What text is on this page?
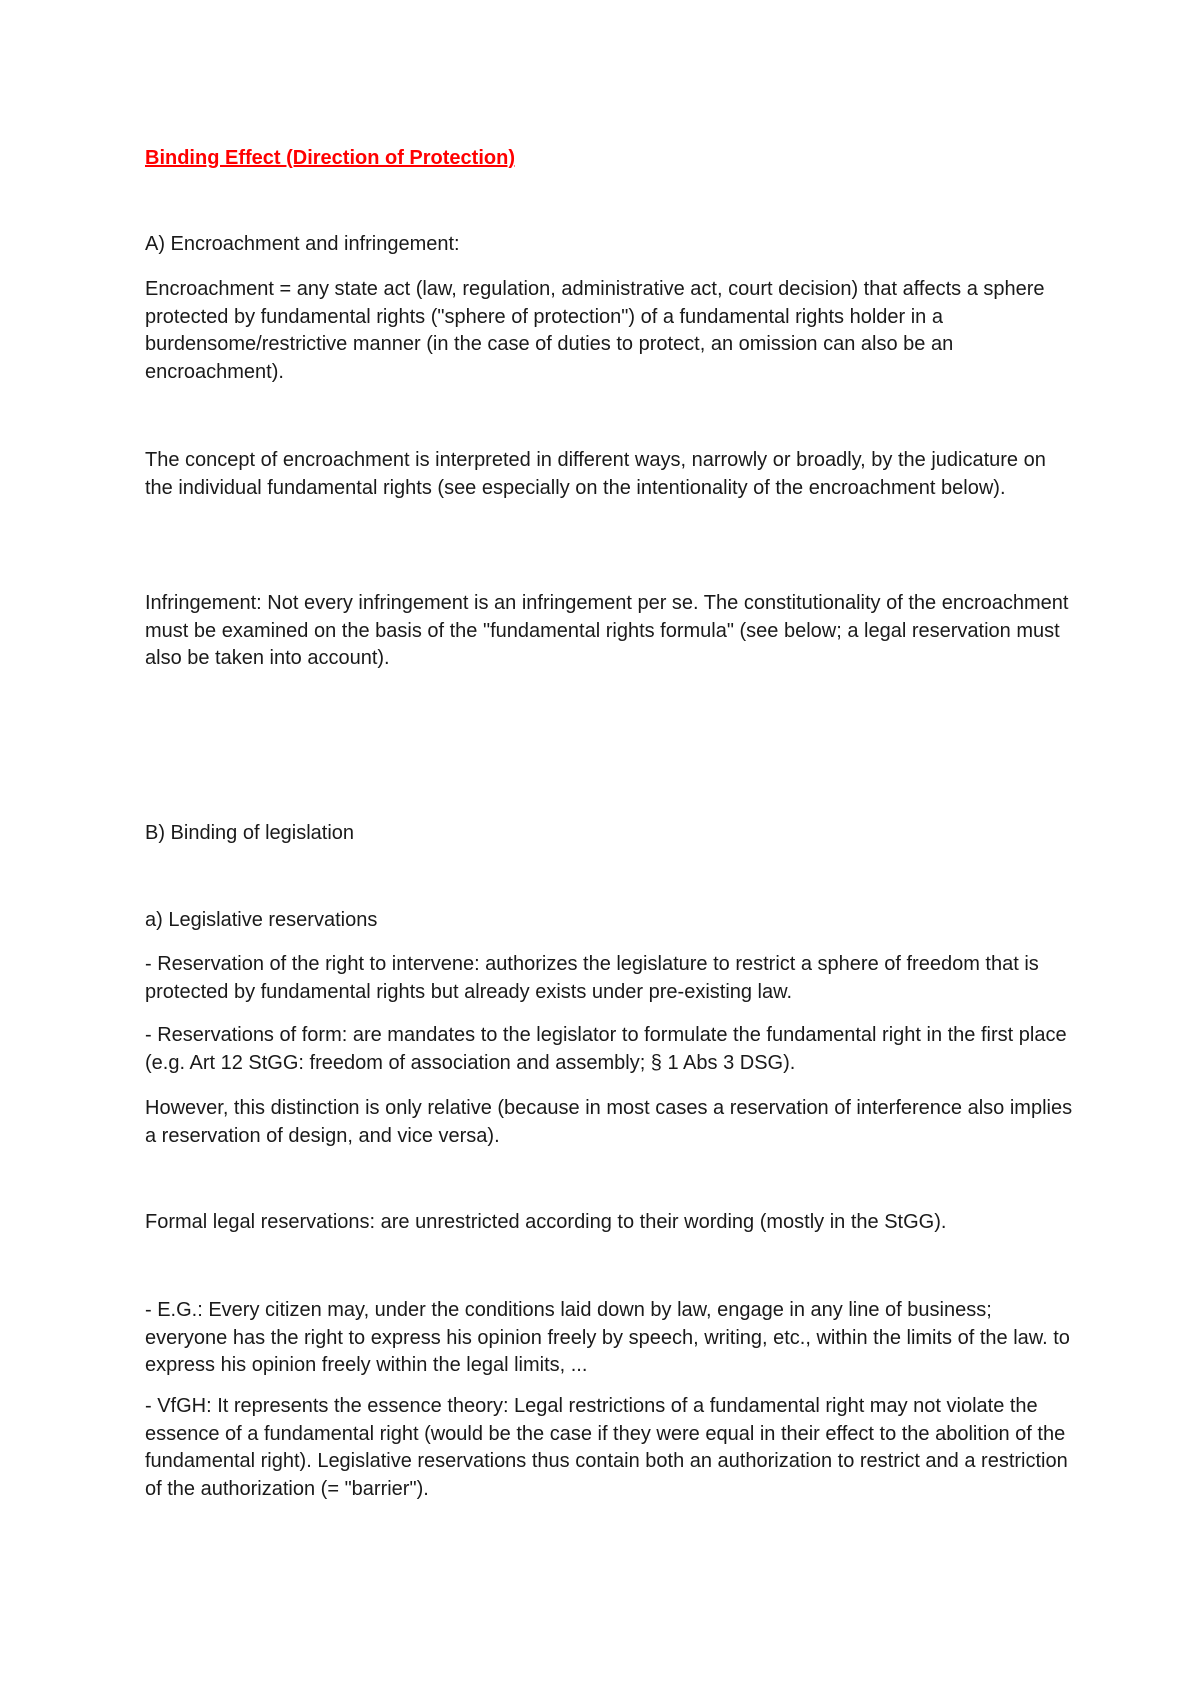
Binding Effect (Direction of Protection)

A) Encroachment and infringement:

Encroachment = any state act (law, regulation, administrative act, court decision) that affects a sphere protected by fundamental rights ("sphere of protection") of a fundamental rights holder in a burdensome/restrictive manner (in the case of duties to protect, an omission can also be an encroachment).

The concept of encroachment is interpreted in different ways, narrowly or broadly, by the judicature on the individual fundamental rights (see especially on the intentionality of the encroachment below).

Infringement: Not every infringement is an infringement per se. The constitutionality of the encroachment must be examined on the basis of the "fundamental rights formula" (see below; a legal reservation must also be taken into account).

B) Binding of legislation

a) Legislative reservations

- Reservation of the right to intervene: authorizes the legislature to restrict a sphere of freedom that is protected by fundamental rights but already exists under pre-existing law.

- Reservations of form: are mandates to the legislator to formulate the fundamental right in the first place (e.g. Art 12 StGG: freedom of association and assembly; § 1 Abs 3 DSG).

However, this distinction is only relative (because in most cases a reservation of interference also implies a reservation of design, and vice versa).

Formal legal reservations: are unrestricted according to their wording (mostly in the StGG).

- E.G.: Every citizen may, under the conditions laid down by law, engage in any line of business; everyone has the right to express his opinion freely by speech, writing, etc., within the limits of the law. to express his opinion freely within the legal limits, ...

- VfGH: It represents the essence theory: Legal restrictions of a fundamental right may not violate the essence of a fundamental right (would be the case if they were equal in their effect to the abolition of the fundamental right). Legislative reservations thus contain both an authorization to restrict and a restriction of the authorization (= "barrier").
